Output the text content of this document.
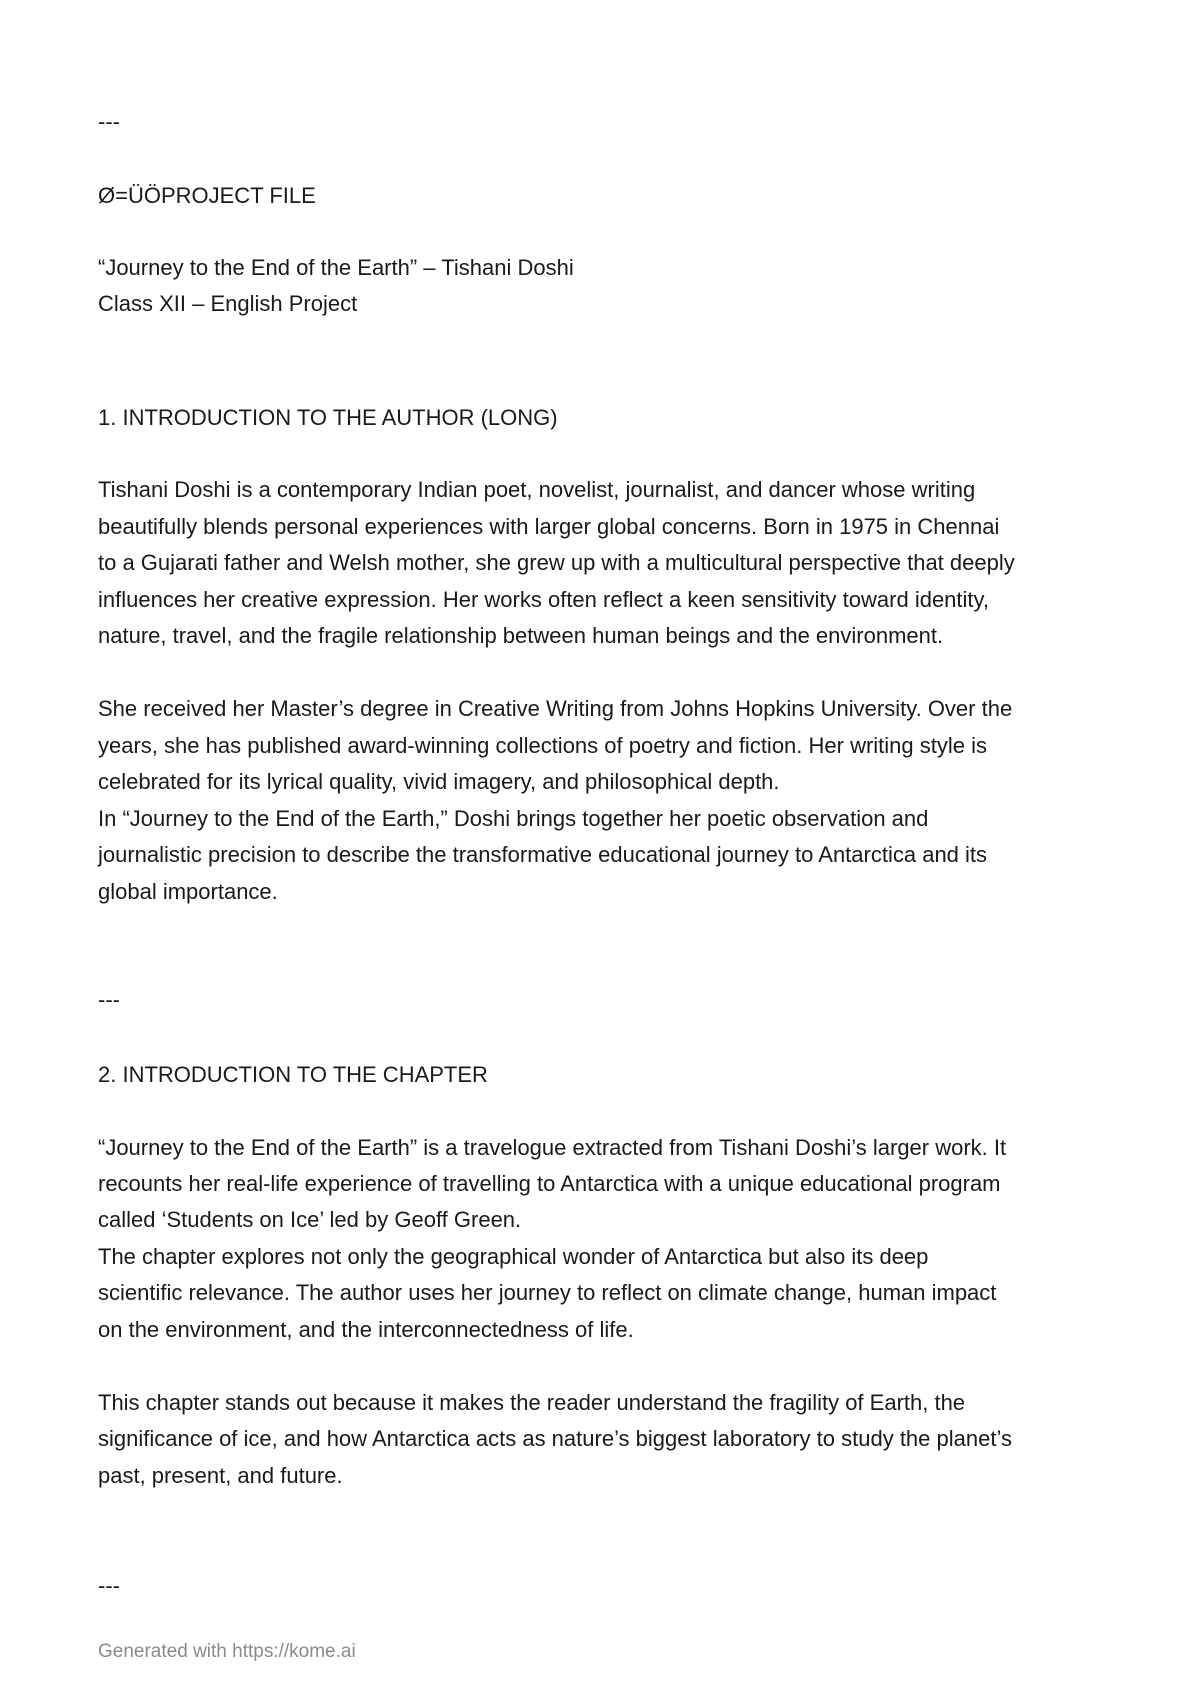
---
Ø=ÜÖPROJECT FILE
“Journey to the End of the Earth” – Tishani Doshi
Class XII – English Project
1. INTRODUCTION TO THE AUTHOR (LONG)
Tishani Doshi is a contemporary Indian poet, novelist, journalist, and dancer whose writing
beautifully blends personal experiences with larger global concerns. Born in 1975 in Chennai
to a Gujarati father and Welsh mother, she grew up with a multicultural perspective that deeply
influences her creative expression. Her works often reflect a keen sensitivity toward identity,
nature, travel, and the fragile relationship between human beings and the environment.
She received her Master’s degree in Creative Writing from Johns Hopkins University. Over the
years, she has published award-winning collections of poetry and fiction. Her writing style is
celebrated for its lyrical quality, vivid imagery, and philosophical depth.
In “Journey to the End of the Earth,” Doshi brings together her poetic observation and
journalistic precision to describe the transformative educational journey to Antarctica and its
global importance.
---
2. INTRODUCTION TO THE CHAPTER
“Journey to the End of the Earth” is a travelogue extracted from Tishani Doshi’s larger work. It
recounts her real-life experience of travelling to Antarctica with a unique educational program
called ‘Students on Ice’ led by Geoff Green.
The chapter explores not only the geographical wonder of Antarctica but also its deep
scientific relevance. The author uses her journey to reflect on climate change, human impact
on the environment, and the interconnectedness of life.
This chapter stands out because it makes the reader understand the fragility of Earth, the
significance of ice, and how Antarctica acts as nature’s biggest laboratory to study the planet’s
past, present, and future.
---
Generated with https://kome.ai
